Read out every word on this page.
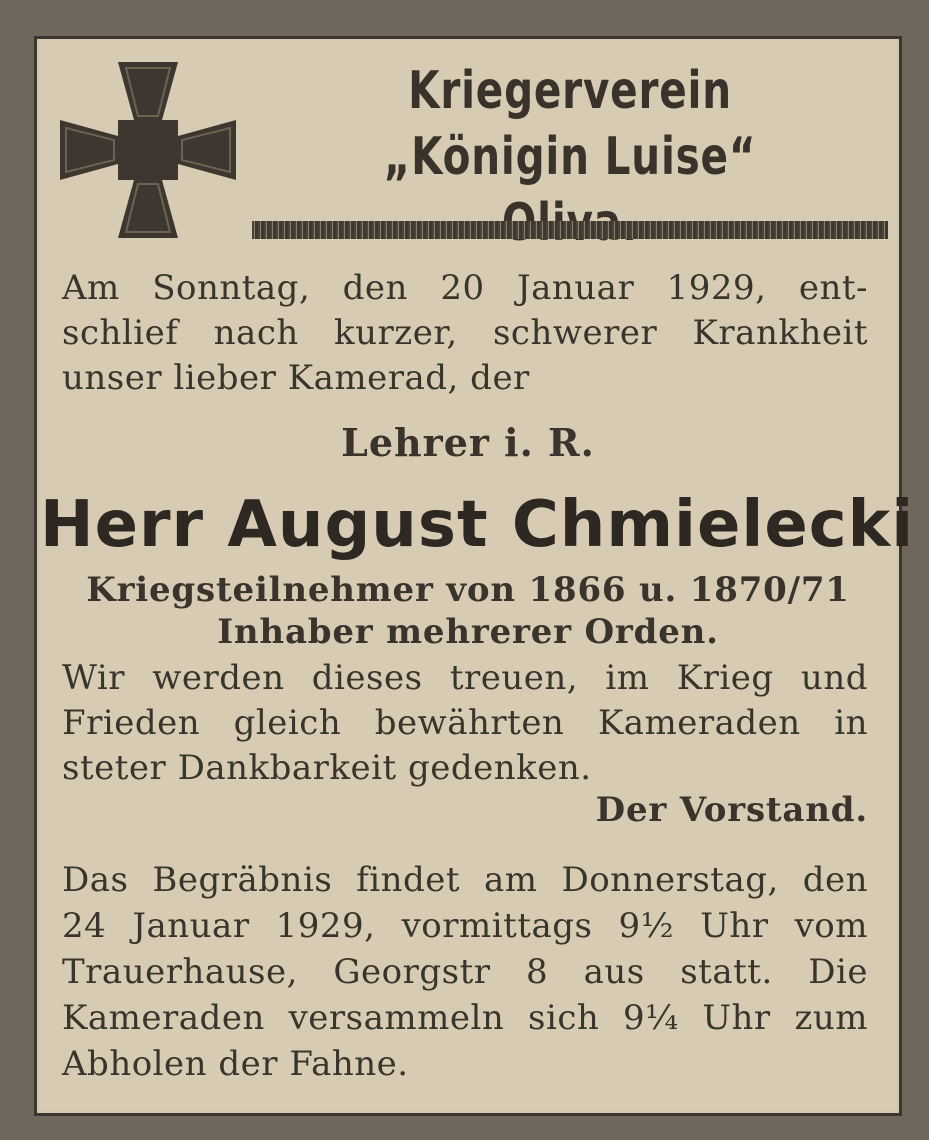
Kriegerverein
„Königin Luise“
Am Sonntag, den 20 Januar 1929, ent-
schlief nach kurzer, schwerer Krankheit
unser lieber Kamerad, der
Lehrer i. R.
Herr August Chmielecki
Kriegsteilnehmer von 1866 u. 1870/71
Inhaber mehrerer Orden.
Wir werden dieses treuen, im Krieg und
Frieden gleich bewährten Kameraden in
steter Dankbarkeit gedenken.
Der Vorstand.
Das Begräbnis findet am Donnerstag, den
24 Januar 1929, vormittags 9½ Uhr vom
Trauerhause, Georgstr 8 aus statt. Die
Kameraden versammeln sich 9¼ Uhr zum
Abholen der Fahne.
